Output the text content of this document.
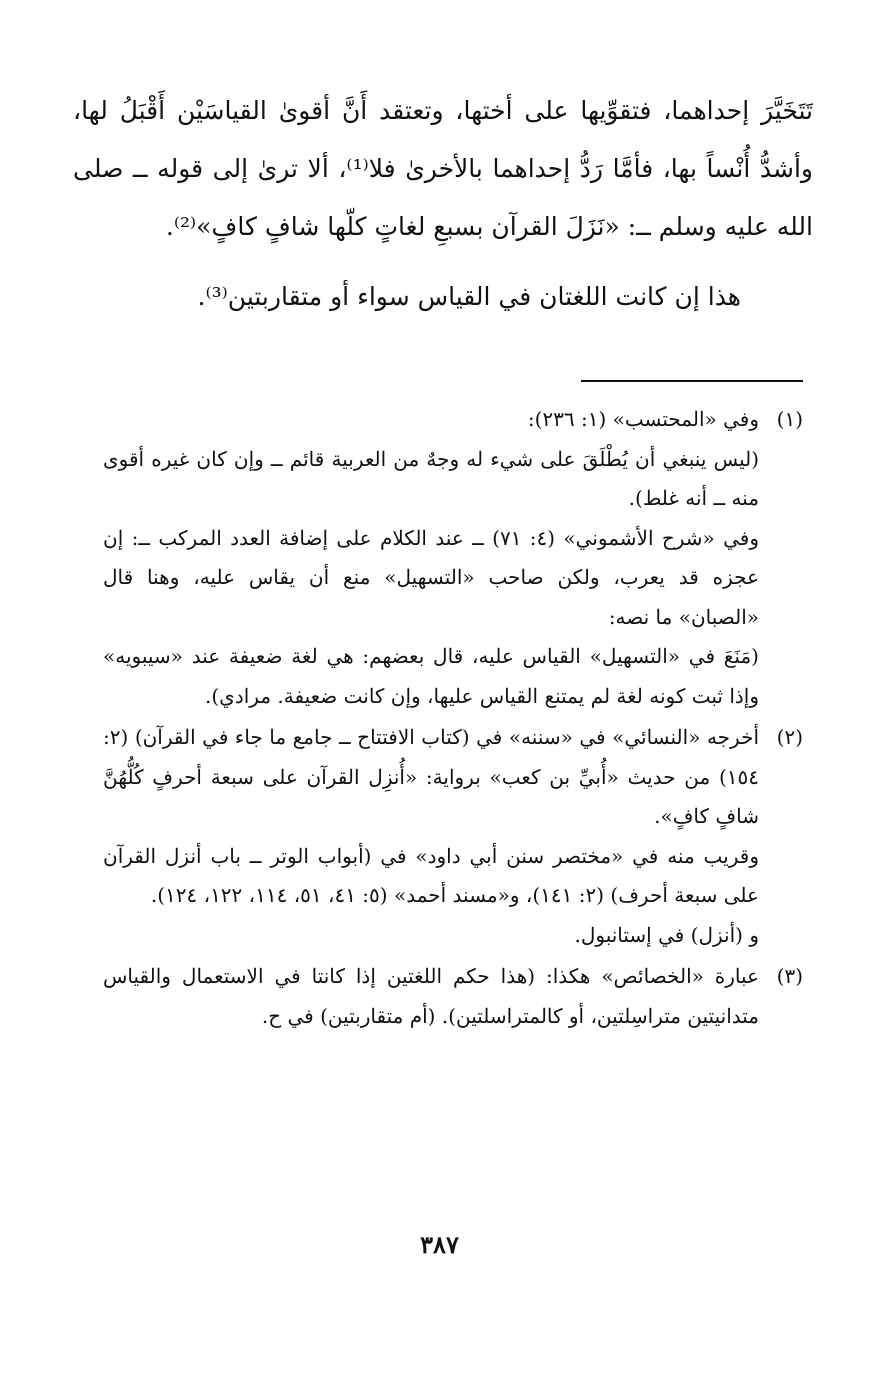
تَتَخَيَّرَ إحداهما، فتقوِّيها على أختها، وتعتقد أَنَّ أقوىٰ القياسَيْن أَقْبَلُ لها، وأشدُّ أُنْساً بها، فأمَّا رَدُّ إحداهما بالأخرىٰ فلا⁽¹⁾، ألا ترىٰ إلى قوله ــ صلى الله عليه وسلم ــ: «نَزَلَ القرآن بسبعِ لغاتٍ كلّها شافٍ كافٍ»⁽²⁾.

هذا إن كانت اللغتان في القياس سواء أو متقاربتين⁽³⁾.

(١)

وفي «المحتسب» (١: ٢٣٦):

(ليس ينبغي أن يُطْلَقَ على شيء له وجهٌ من العربية قائم ــ وإن كان غيره أقوى منه ــ أنه غلط).

وفي «شرح الأشموني» (٤: ٧١) ــ عند الكلام على إضافة العدد المركب ــ: إن عجزه قد يعرب، ولكن صاحب «التسهيل» منع أن يقاس عليه، وهنا قال «الصبان» ما نصه:

(مَنَعَ في «التسهيل» القياس عليه، قال بعضهم: هي لغة ضعيفة عند «سيبويه» وإذا ثبت كونه لغة لم يمتنع القياس عليها، وإن كانت ضعيفة. مرادي).

(٢)

أخرجه «النسائي» في «سننه» في (كتاب الافتتاح ــ جامع ما جاء في القرآن) (٢: ١٥٤) من حديث «أُبيِّ بن كعب» برواية: «أُنزِل القرآن على سبعة أحرفٍ كُلُّهُنَّ شافٍ كافٍ».

وقريب منه في «مختصر سنن أبي داود» في (أبواب الوتر ــ باب أنزل القرآن على سبعة أحرف) (٢: ١٤١)، و«مسند أحمد» (٥: ٤١، ٥١، ١١٤، ١٢٢، ١٢٤).

و (أنزل) في إستانبول.

(٣)

عبارة «الخصائص» هكذا: (هذا حكم اللغتين إذا كانتا في الاستعمال والقياس متدانيتين متراسِلتين، أو كالمتراسلتين). (أم متقاربتين) في ح.

٣٨٧
